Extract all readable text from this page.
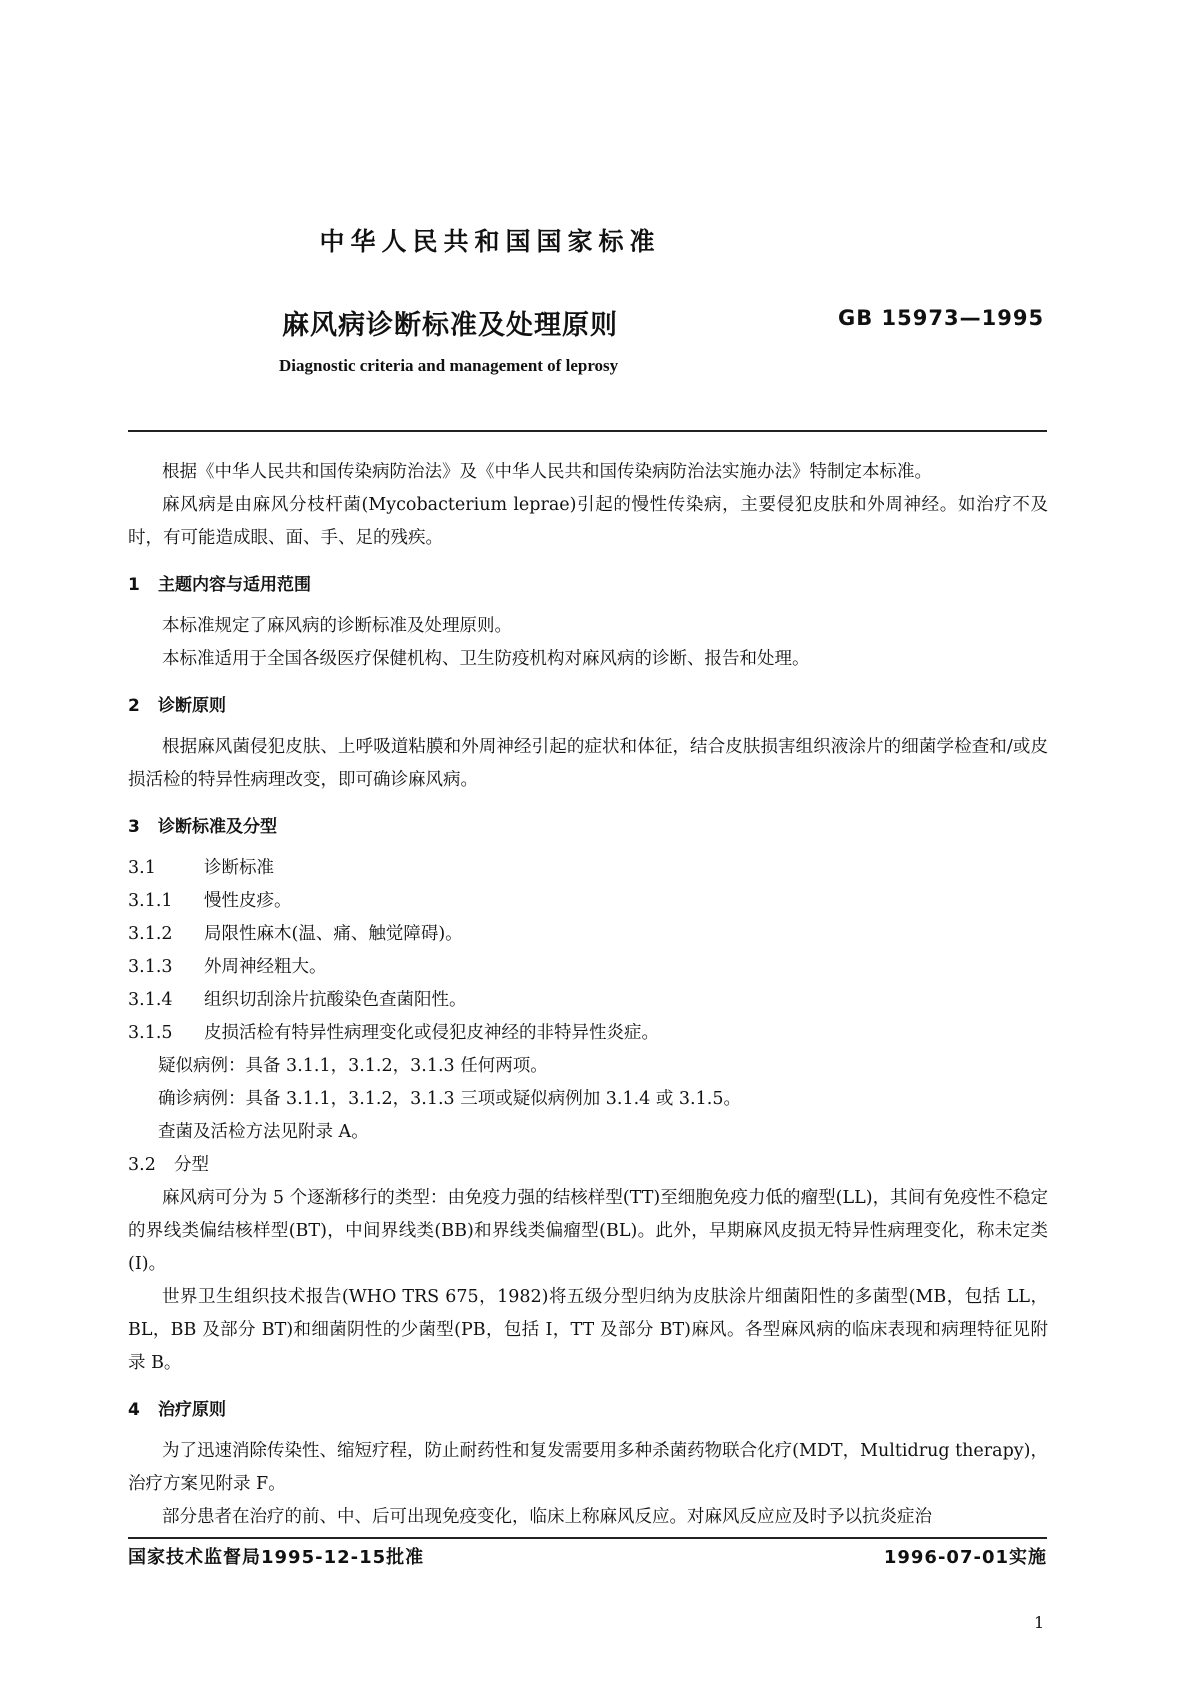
中华人民共和国国家标准
麻风病诊断标准及处理原则	GB 15973—1995
Diagnostic criteria and management of leprosy

根据《中华人民共和国传染病防治法》及《中华人民共和国传染病防治法实施办法》特制定本标准。

麻风病是由麻风分枝杆菌(Mycobacterium leprae)引起的慢性传染病，主要侵犯皮肤和外周神经。如治疗不及时，有可能造成眼、面、手、足的残疾。

1 主题内容与适用范围

本标准规定了麻风病的诊断标准及处理原则。

本标准适用于全国各级医疗保健机构、卫生防疫机构对麻风病的诊断、报告和处理。

2 诊断原则

根据麻风菌侵犯皮肤、上呼吸道粘膜和外周神经引起的症状和体征，结合皮肤损害组织液涂片的细菌学检查和/或皮损活检的特异性病理改变，即可确诊麻风病。

3 诊断标准及分型

3.1	诊断标准

3.1.1 慢性皮疹。

3.1.2 局限性麻木(温、痛、触觉障碍)。

3.1.3 外周神经粗大。

3.1.4 组织切刮涂片抗酸染色查菌阳性。

3.1.5 皮损活检有特异性病理变化或侵犯皮神经的非特异性炎症。

疑似病例：具备 3.1.1，3.1.2，3.1.3 任何两项。

确诊病例：具备 3.1.1，3.1.2，3.1.3 三项或疑似病例加 3.1.4 或 3.1.5。

查菌及活检方法见附录 A。

3.2 分型

麻风病可分为 5 个逐渐移行的类型：由免疫力强的结核样型(TT)至细胞免疫力低的瘤型(LL)，其间有免疫性不稳定的界线类偏结核样型(BT)，中间界线类(BB)和界线类偏瘤型(BL)。此外，早期麻风皮损无特异性病理变化，称未定类(I)。

世界卫生组织技术报告(WHO TRS 675，1982)将五级分型归纳为皮肤涂片细菌阳性的多菌型(MB，包括 LL，BL，BB 及部分 BT)和细菌阴性的少菌型(PB，包括 I，TT 及部分 BT)麻风。各型麻风病的临床表现和病理特征见附录 B。

4 治疗原则

为了迅速消除传染性、缩短疗程，防止耐药性和复发需要用多种杀菌药物联合化疗(MDT，Multidrug therapy)，治疗方案见附录 F。

部分患者在治疗的前、中、后可出现免疫变化，临床上称麻风反应。对麻风反应应及时予以抗炎症治

国家技术监督局1995-12-15批准	1996-07-01实施
1
